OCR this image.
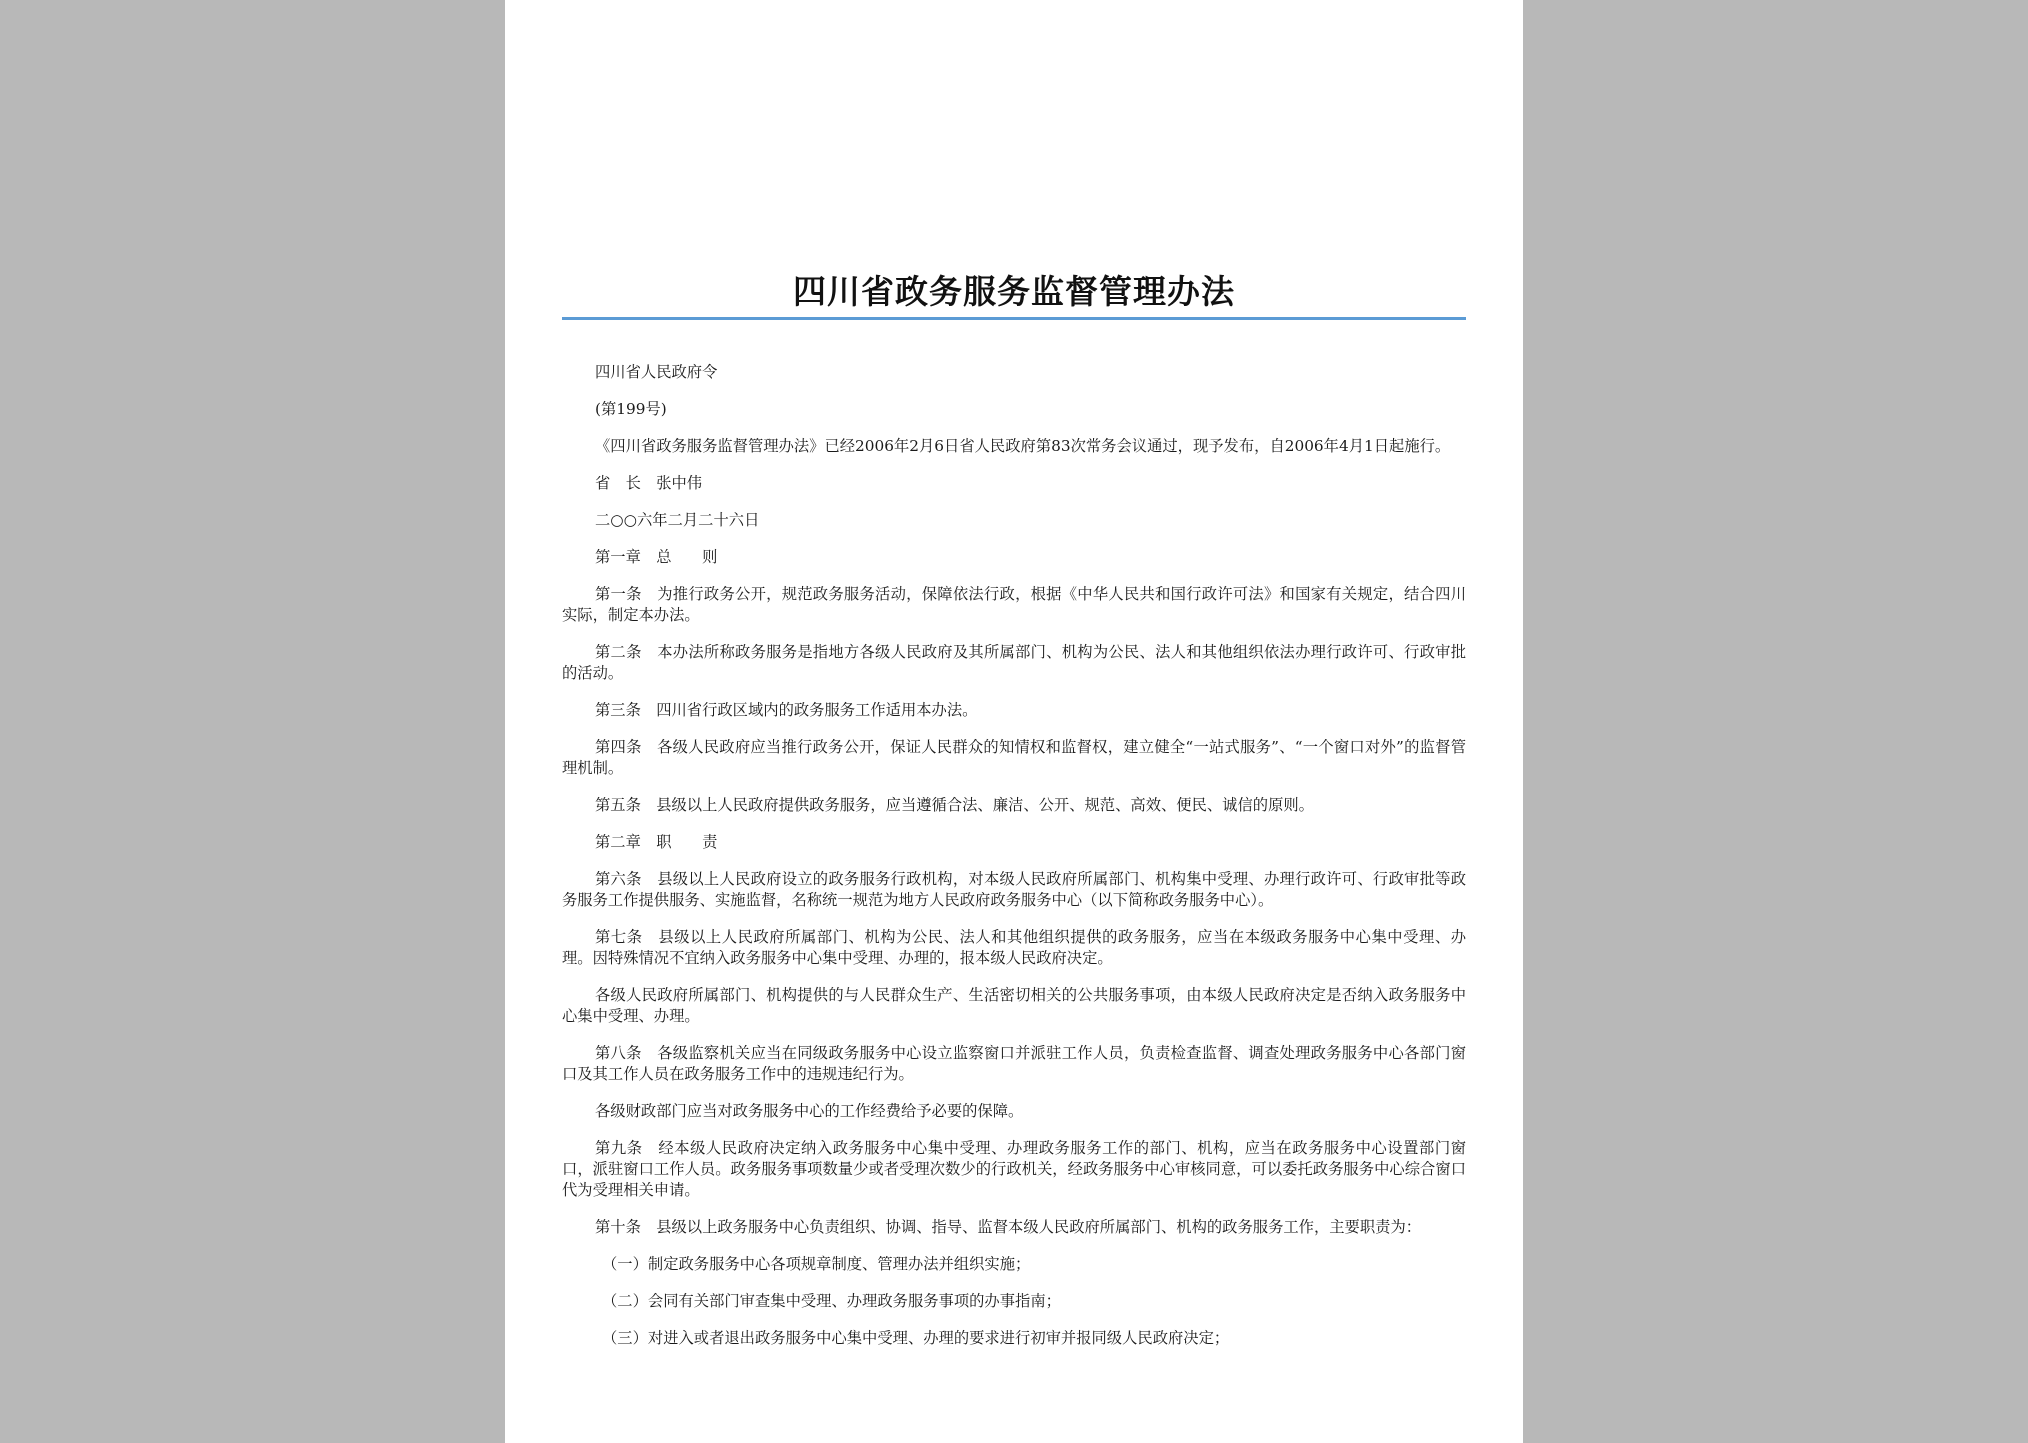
四川省政务服务监督管理办法

四川省人民政府令

(第199号)

《四川省政务服务监督管理办法》已经2006年2月6日省人民政府第83次常务会议通过，现予发布，自2006年4月1日起施行。

省　长　张中伟

二○○六年二月二十六日

第一章　总　　则

第一条　为推行政务公开，规范政务服务活动，保障依法行政，根据《中华人民共和国行政许可法》和国家有关规定，结合四川实际，制定本办法。

第二条　本办法所称政务服务是指地方各级人民政府及其所属部门、机构为公民、法人和其他组织依法办理行政许可、行政审批的活动。

第三条　四川省行政区域内的政务服务工作适用本办法。

第四条　各级人民政府应当推行政务公开，保证人民群众的知情权和监督权，建立健全“一站式服务”、“一个窗口对外”的监督管理机制。

第五条　县级以上人民政府提供政务服务，应当遵循合法、廉洁、公开、规范、高效、便民、诚信的原则。

第二章　职　　责

第六条　县级以上人民政府设立的政务服务行政机构，对本级人民政府所属部门、机构集中受理、办理行政许可、行政审批等政务服务工作提供服务、实施监督，名称统一规范为地方人民政府政务服务中心（以下简称政务服务中心）。

第七条　县级以上人民政府所属部门、机构为公民、法人和其他组织提供的政务服务，应当在本级政务服务中心集中受理、办理。因特殊情况不宜纳入政务服务中心集中受理、办理的，报本级人民政府决定。

各级人民政府所属部门、机构提供的与人民群众生产、生活密切相关的公共服务事项，由本级人民政府决定是否纳入政务服务中心集中受理、办理。

第八条　各级监察机关应当在同级政务服务中心设立监察窗口并派驻工作人员，负责检查监督、调查处理政务服务中心各部门窗口及其工作人员在政务服务工作中的违规违纪行为。

各级财政部门应当对政务服务中心的工作经费给予必要的保障。

第九条　经本级人民政府决定纳入政务服务中心集中受理、办理政务服务工作的部门、机构，应当在政务服务中心设置部门窗口，派驻窗口工作人员。政务服务事项数量少或者受理次数少的行政机关，经政务服务中心审核同意，可以委托政务服务中心综合窗口代为受理相关申请。

第十条　县级以上政务服务中心负责组织、协调、指导、监督本级人民政府所属部门、机构的政务服务工作，主要职责为：

（一）制定政务服务中心各项规章制度、管理办法并组织实施；

（二）会同有关部门审查集中受理、办理政务服务事项的办事指南；

（三）对进入或者退出政务服务中心集中受理、办理的要求进行初审并报同级人民政府决定；
